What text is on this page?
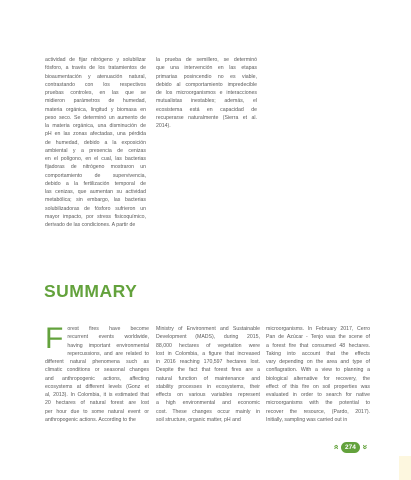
actividad de fijar nitrógeno y solubilizar
fósforo, a través de los tratamientos de
bioaumentación y atenuación natural,
contrastando con los respectivos
pruebas controles, en las que se
midieron parámetros de humedad,
materia orgánica, lingitud y biomasa en
peso seco. Se determinó un aumento de
la materia orgánica, una disminución de
pH en las zonas afectadas, una pérdida
de humedad, debido a la exposición
ambiental y a presencia de cenizas
en el polígono, en el cual, las bacterias
fijadoras de nitrógeno mostraron un
comportamiento de supervivencia,
debido a la fertilización temporal de
las cenizas, que aumentan su actividad
metabólica; sin embargo, las bacterias
solubilizadoras de fósforo sufrieron un
mayor impacto, por stress fisicoquímico,
derivado de las condiciones. A partir de
la prueba de semillero, se determinó
que una intervención en las etapas
primarias posincendio no es viable,
debido al comportamiento impredecible
de los microorganismos e interacciones
mutualistas inestables; además, el
ecosistema está en capacidad de
recuperarse naturalmente (Sierra et al.
2014).
SUMMARY
F orest fires have become
recurrent events worldwide,
having important environmental
repercussions, and are related to
different natural phenomena such as
climatic conditions or seasonal changes
and anthropogenic actions, affecting
ecosystems at different levels (Gonz et
al, 2013). In Colombia, it is estimated that
20 hectares of natural forest are lost
per hour due to some natural event or
anthropogenic actions. According to the
Ministry of Environment and Sustainable
Development (MADS), during 2015,
88,000 hectares of vegetation were
lost in Colombia, a figure that increased
in 2016 reaching 170,597 hectares lost.
Despite the fact that forest fires are a
natural function of maintenance and
stability processes in ecosystems, their
effects on various variables represent
a high environmental and economic
cost. These changes occur mainly in
soil structure, organic matter, pH and
microorganisms. In February 2017, Cerro
Pan de Azúcar - Tenjo was the scene of
a forest fire that consumed 48 hectares.
Taking into account that the effects
vary depending on the area and type of
conflagration. With a view to planning a
biological alternative for recovery, the
effect of this fire on soil properties was
evaluated in order to search for native
microorganisms with the potential to
recover the resource, (Pardo, 2017).
Initially, sampling was carried out in
» 274 »
